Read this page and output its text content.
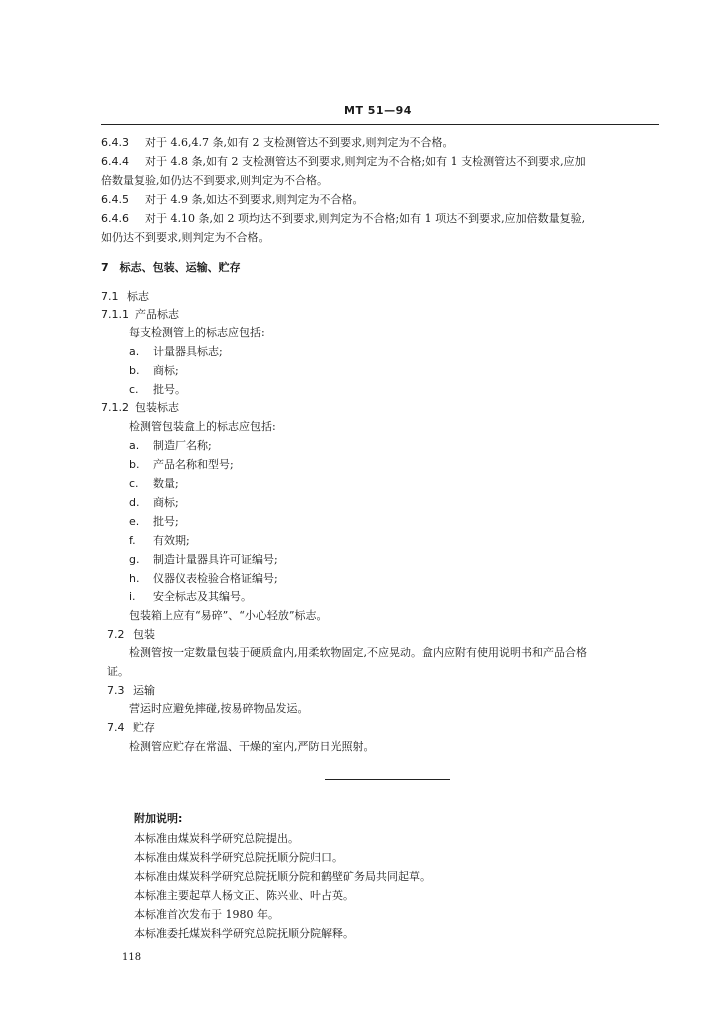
MT 51—94
6.4.3 对于 4.6,4.7 条,如有 2 支检测管达不到要求,则判定为不合格。
6.4.4 对于 4.8 条,如有 2 支检测管达不到要求,则判定为不合格;如有 1 支检测管达不到要求,应加
倍数量复验,如仍达不到要求,则判定为不合格。
6.4.5 对于 4.9 条,如达不到要求,则判定为不合格。
6.4.6 对于 4.10 条,如 2 项均达不到要求,则判定为不合格;如有 1 项达不到要求,应加倍数量复验,
如仍达不到要求,则判定为不合格。
7　标志、包装、运输、贮存
7.1 标志
7.1.1 产品标志
每支检测管上的标志应包括:
a. 计量器具标志;
b. 商标;
c. 批号。
7.1.2 包装标志
检测管包装盒上的标志应包括:
a. 制造厂名称;
b. 产品名称和型号;
c. 数量;
d. 商标;
e. 批号;
f. 有效期;
g. 制造计量器具许可证编号;
h. 仪器仪表检验合格证编号;
i. 安全标志及其编号。
包装箱上应有“易碎”、“小心轻放”标志。
7.2 包装
检测管按一定数量包装于硬质盒内,用柔软物固定,不应晃动。盒内应附有使用说明书和产品合格
证。
7.3 运输
营运时应避免摔碰,按易碎物品发运。
7.4 贮存
检测管应贮存在常温、干燥的室内,严防日光照射。
附加说明:
本标准由煤炭科学研究总院提出。
本标准由煤炭科学研究总院抚顺分院归口。
本标准由煤炭科学研究总院抚顺分院和鹤壁矿务局共同起草。
本标准主要起草人杨文正、陈兴业、叶占英。
本标准首次发布于 1980 年。
本标准委托煤炭科学研究总院抚顺分院解释。
118
